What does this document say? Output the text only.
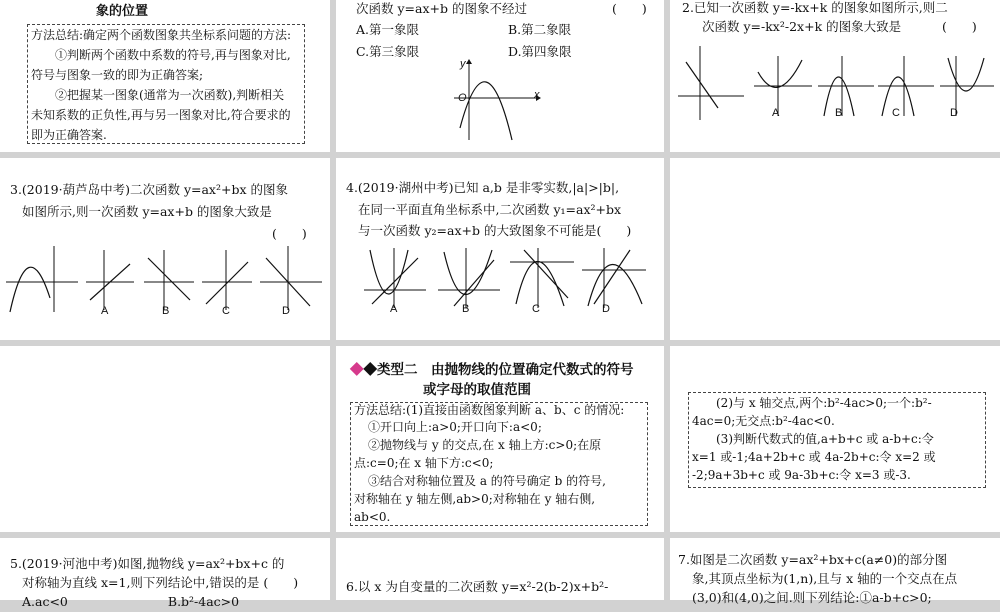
象的位置
方法总结:确定两个函数图象共坐标系问题的方法:
①判断两个函数中系数的符号,再与图象对比,
符号与图象一致的即为正确答案;
②把握某一图象(通常为一次函数),判断相关
未知系数的正负性,再与另一图象对比,符合要求的
即为正确答案.
次函数 y=ax+b 的图象不经过	(　　)
A.第一象限	B.第二象限
C.第三象限	D.第四象限
y
x
O
2.已知一次函数 y=-kx+k 的图象如图所示,则二
次函数 y=-kx²-2x+k 的图象大致是	(　　)
A	B	C	D
3.(2019·葫芦岛中考)二次函数 y=ax²+bx 的图象
如图所示,则一次函数 y=ax+b 的图象大致是
(　　)
A	B	C	D
4.(2019·湖州中考)已知 a,b 是非零实数,|a|>|b|,
在同一平面直角坐标系中,二次函数 y₁=ax²+bx
与一次函数 y₂=ax+b 的大致图象不可能是(　　)
A	B	C	D
◆◆类型二　由抛物线的位置确定代数式的符号
或字母的取值范围
方法总结:(1)直接由函数图象判断 a、b、c 的情况:
①开口向上:a>0;开口向下:a<0;
②抛物线与 y 的交点,在 x 轴上方:c>0;在原
点:c=0;在 x 轴下方:c<0;
③结合对称轴位置及 a 的符号确定 b 的符号,
对称轴在 y 轴左侧,ab>0;对称轴在 y 轴右侧,
ab<0.
(2)与 x 轴交点,两个:b²-4ac>0;一个:b²-
4ac=0;无交点:b²-4ac<0.
(3)判断代数式的值,a+b+c 或 a-b+c:令
x=1 或-1;4a+2b+c 或 4a-2b+c:令 x=2 或
-2;9a+3b+c 或 9a-3b+c:令 x=3 或-3.
5.(2019·河池中考)如图,抛物线 y=ax²+bx+c 的
对称轴为直线 x=1,则下列结论中,错误的是 (　　)
A.ac<0　　　　　　　　B.b²-4ac>0
6.以 x 为自变量的二次函数 y=x²-2(b-2)x+b²-
7.如图是二次函数 y=ax²+bx+c(a≠0)的部分图
象,其顶点坐标为(1,n),且与 x 轴的一个交点在点
(3,0)和(4,0)之间.则下列结论:①a-b+c>0;
